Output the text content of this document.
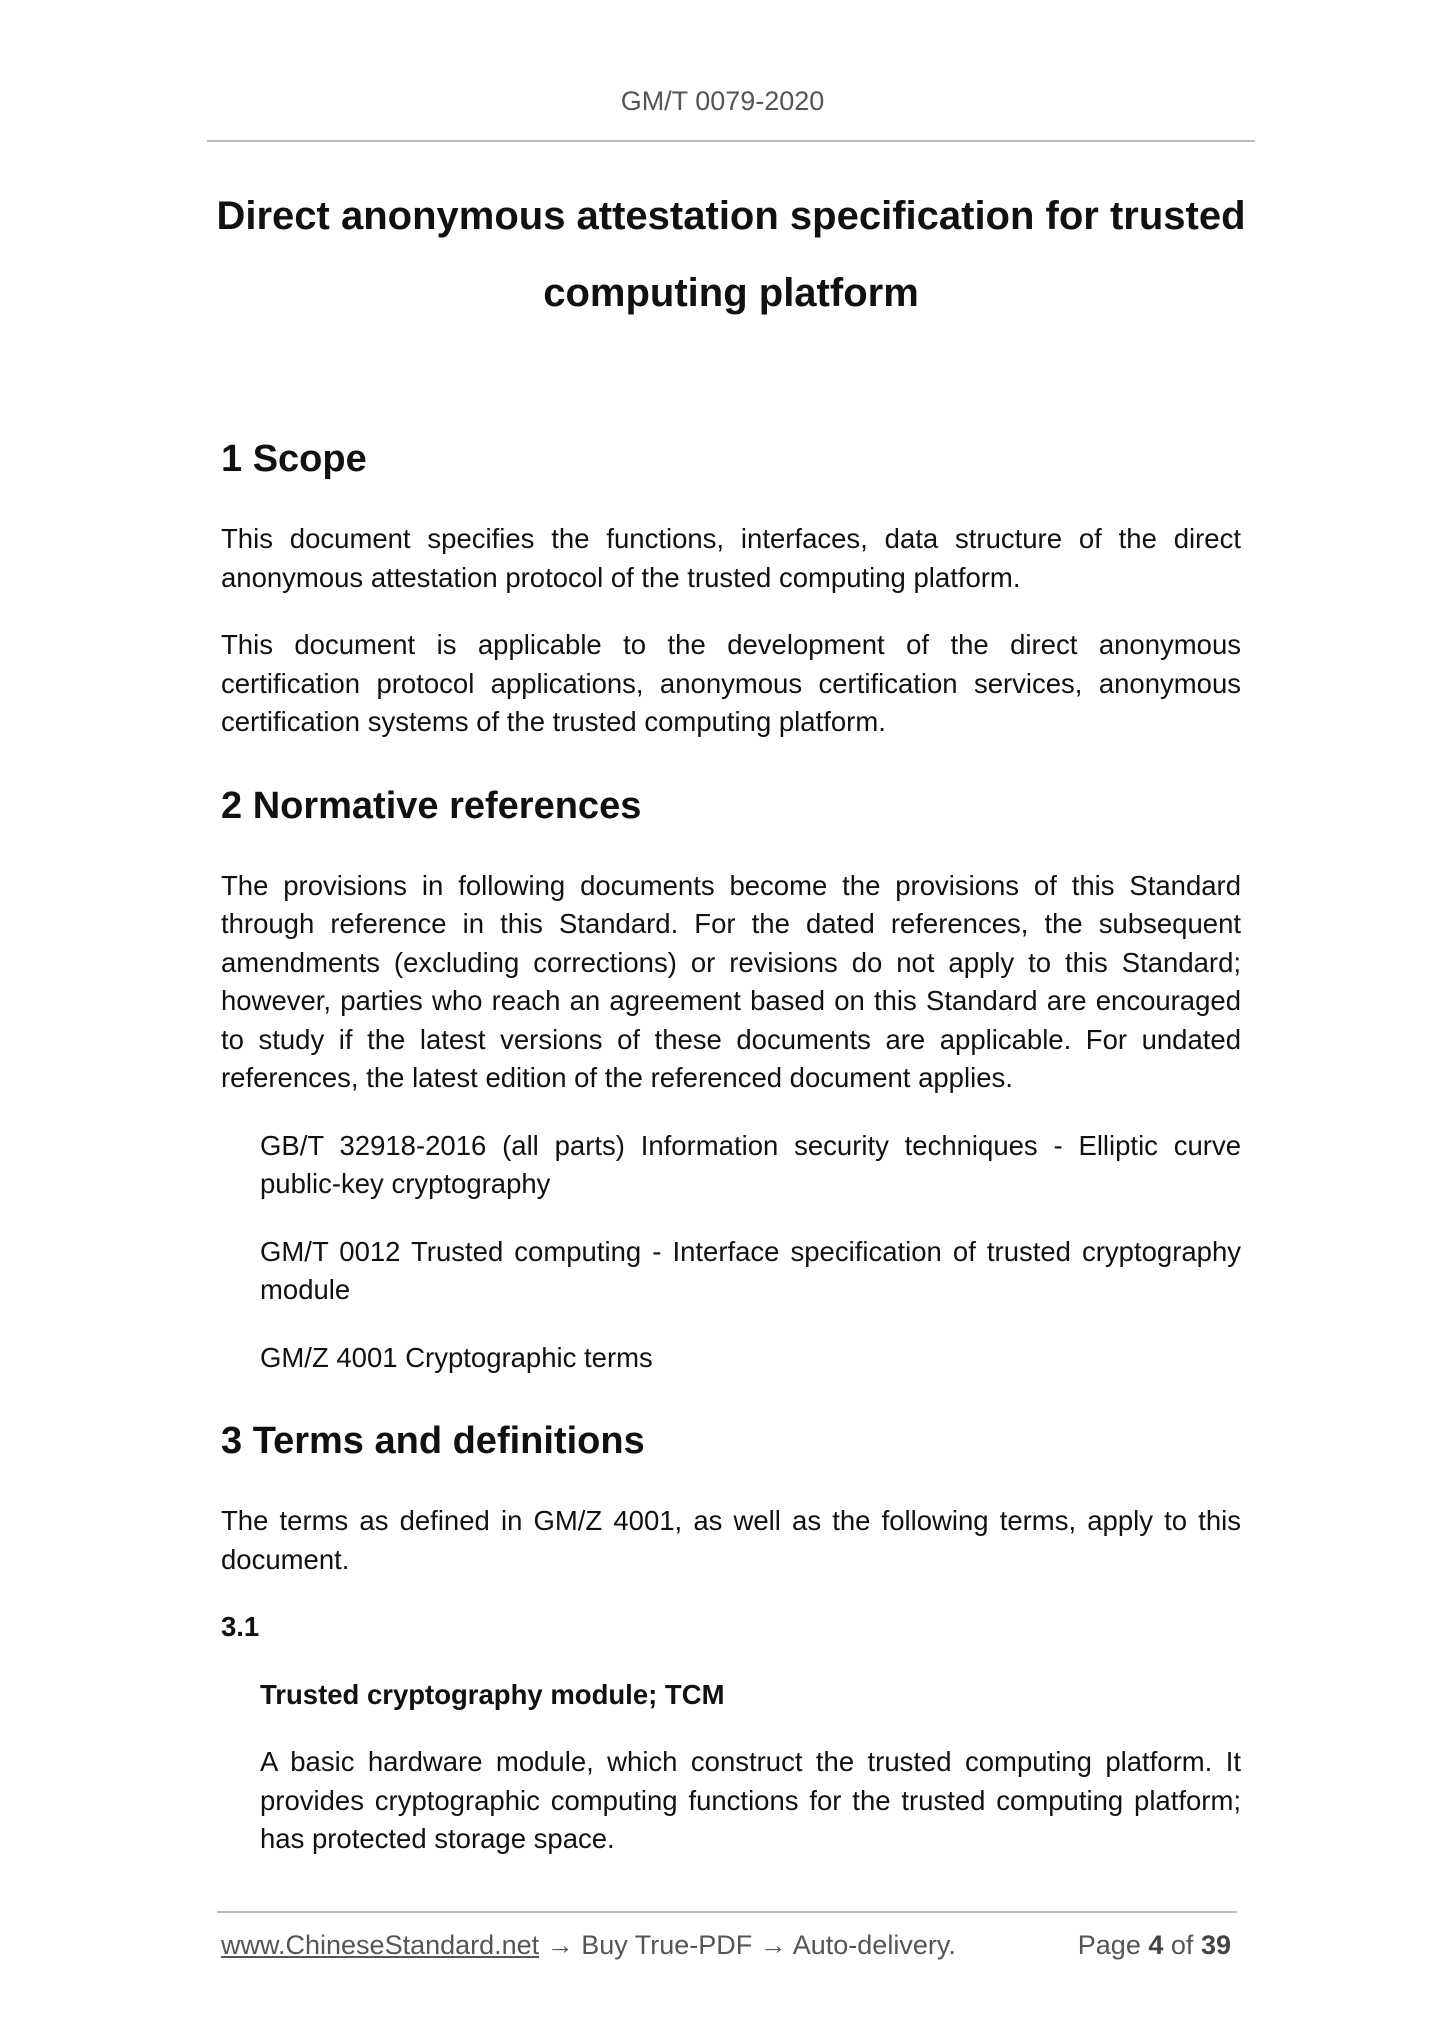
GM/T 0079-2020
Direct anonymous attestation specification for trusted
computing platform
1 Scope

This document specifies the functions, interfaces, data structure of the direct anonymous attestation protocol of the trusted computing platform.

This document is applicable to the development of the direct anonymous certification protocol applications, anonymous certification services, anonymous certification systems of the trusted computing platform.

2 Normative references

The provisions in following documents become the provisions of this Standard through reference in this Standard. For the dated references, the subsequent amendments (excluding corrections) or revisions do not apply to this Standard; however, parties who reach an agreement based on this Standard are encouraged to study if the latest versions of these documents are applicable. For undated references, the latest edition of the referenced document applies.

GB/T 32918-2016 (all parts) Information security techniques - Elliptic curve public-key cryptography
GM/T 0012 Trusted computing - Interface specification of trusted cryptography module
GM/Z 4001 Cryptographic terms
3 Terms and definitions

The terms as defined in GM/Z 4001, as well as the following terms, apply to this document.

3.1

Trusted cryptography module; TCM

A basic hardware module, which construct the trusted computing platform. It provides cryptographic computing functions for the trusted computing platform; has protected storage space.

www.ChineseStandard.net → Buy True-PDF → Auto-delivery.	Page 4 of 39
